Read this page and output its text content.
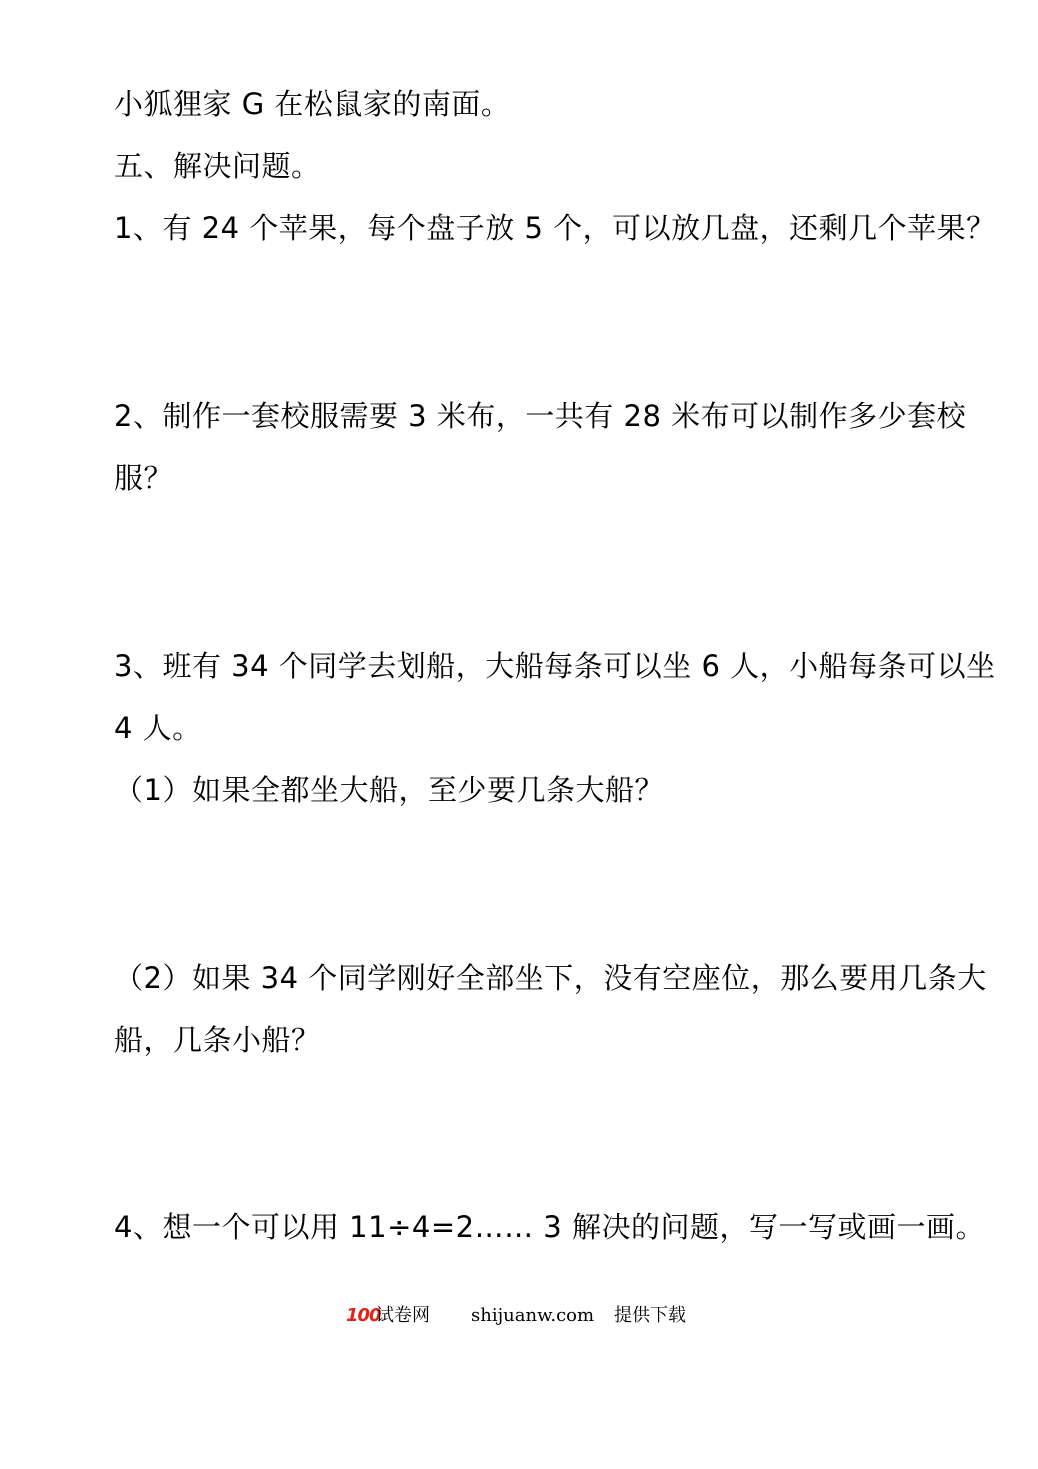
小狐狸家 G 在松鼠家的南面。
五、解决问题。
1、有 24 个苹果，每个盘子放 5 个，可以放几盘，还剩几个苹果？
2、制作一套校服需要 3 米布，一共有 28 米布可以制作多少套校
服？
3、班有 34 个同学去划船，大船每条可以坐 6 人，小船每条可以坐
4 人。
（1）如果全都坐大船，至少要几条大船？
（2）如果 34 个同学刚好全部坐下，没有空座位，那么要用几条大
船，几条小船？
4、想一个可以用 11÷4=2…… 3 解决的问题，写一写或画一画。
100
试卷网 shijuanw.com 提供下载
